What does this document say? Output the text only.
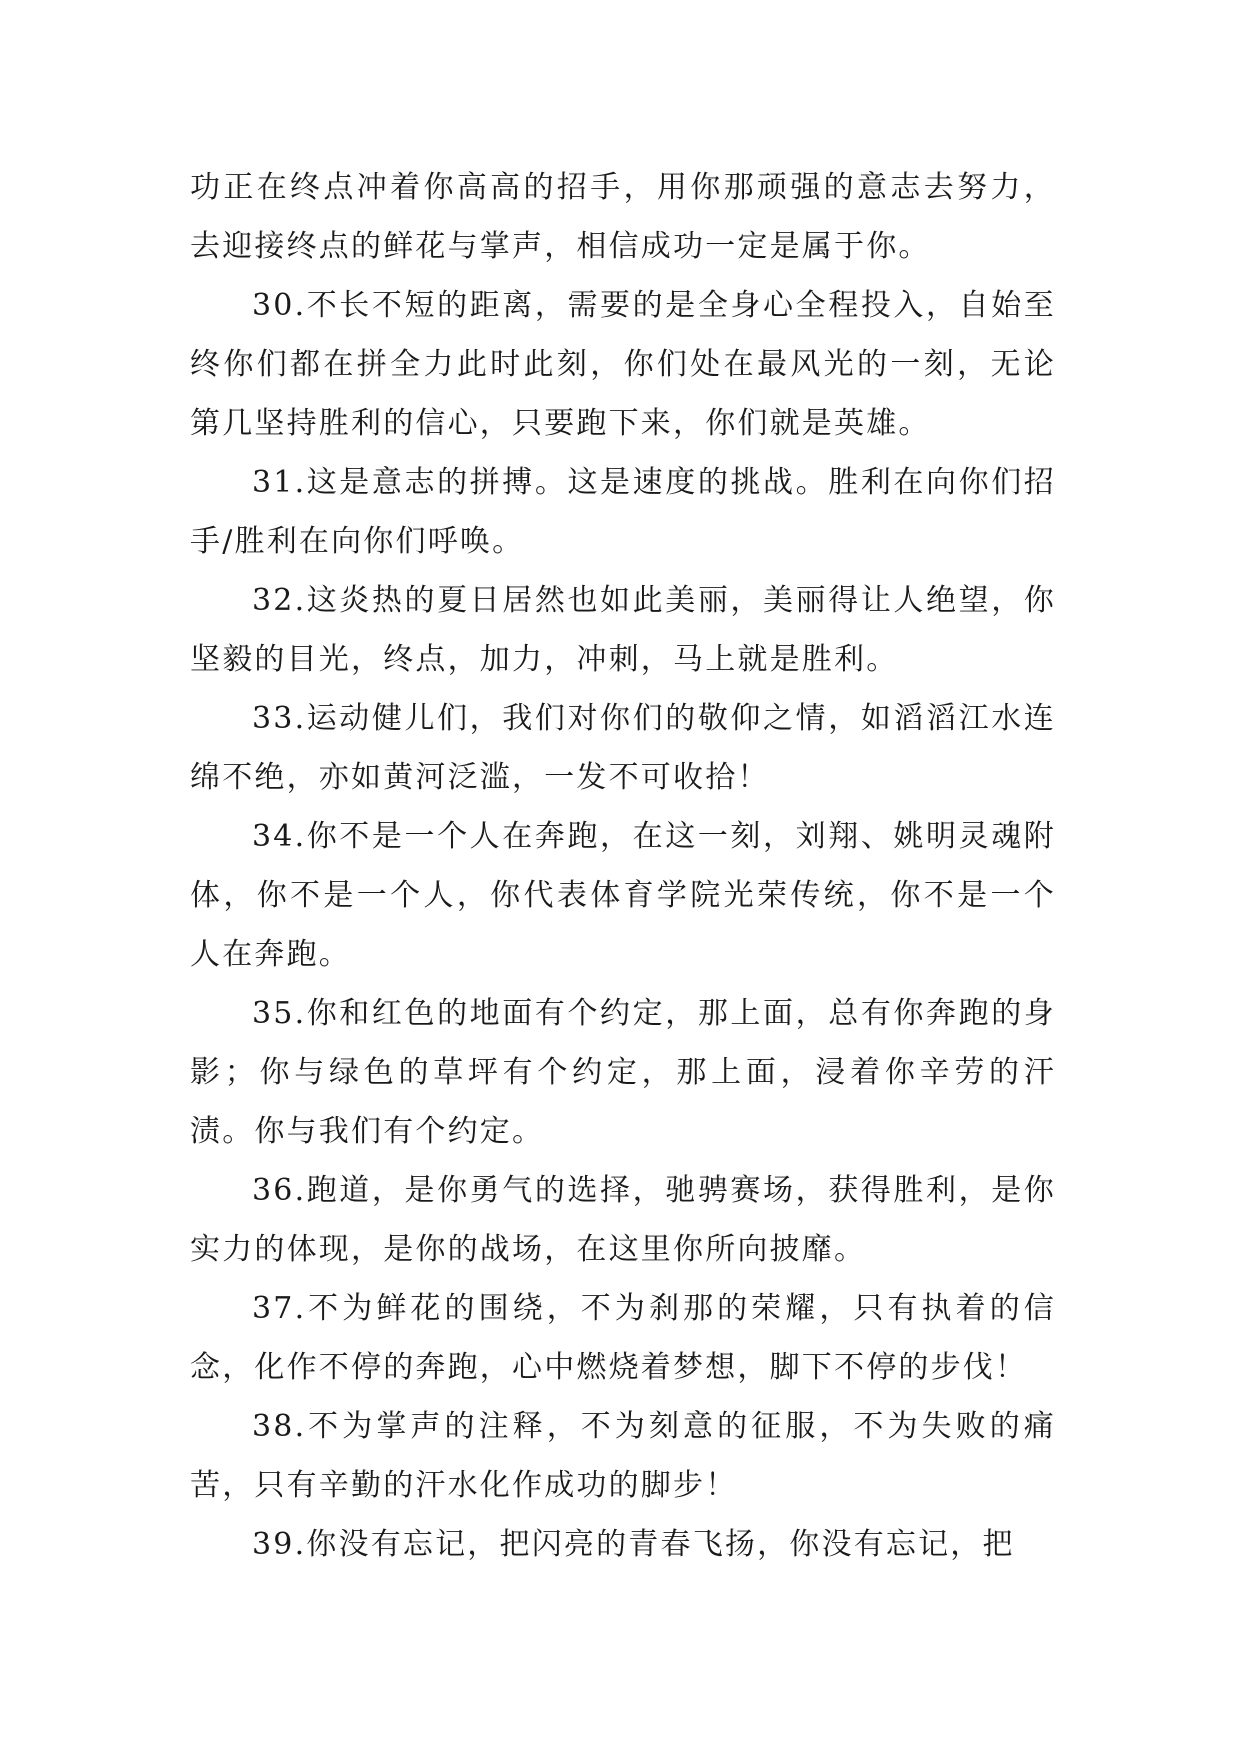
功正在终点冲着你高高的招手，用你那顽强的意志去努力，去迎接终点的鲜花与掌声，相信成功一定是属于你。

30.不长不短的距离，需要的是全身心全程投入，自始至终你们都在拼全力此时此刻，你们处在最风光的一刻，无论第几坚持胜利的信心，只要跑下来，你们就是英雄。

31.这是意志的拼搏。这是速度的挑战。胜利在向你们招手/胜利在向你们呼唤。

32.这炎热的夏日居然也如此美丽，美丽得让人绝望，你坚毅的目光，终点，加力，冲刺，马上就是胜利。

33.运动健儿们，我们对你们的敬仰之情，如滔滔江水连绵不绝，亦如黄河泛滥，一发不可收拾！

34.你不是一个人在奔跑，在这一刻，刘翔、姚明灵魂附体，你不是一个人，你代表体育学院光荣传统，你不是一个人在奔跑。

35.你和红色的地面有个约定，那上面，总有你奔跑的身影；你与绿色的草坪有个约定，那上面，浸着你辛劳的汗渍。你与我们有个约定。

36.跑道，是你勇气的选择，驰骋赛场，获得胜利，是你实力的体现，是你的战场，在这里你所向披靡。

37.不为鲜花的围绕，不为刹那的荣耀，只有执着的信念，化作不停的奔跑，心中燃烧着梦想，脚下不停的步伐！

38.不为掌声的注释，不为刻意的征服，不为失败的痛苦，只有辛勤的汗水化作成功的脚步！

39.你没有忘记，把闪亮的青春飞扬，你没有忘记，把
